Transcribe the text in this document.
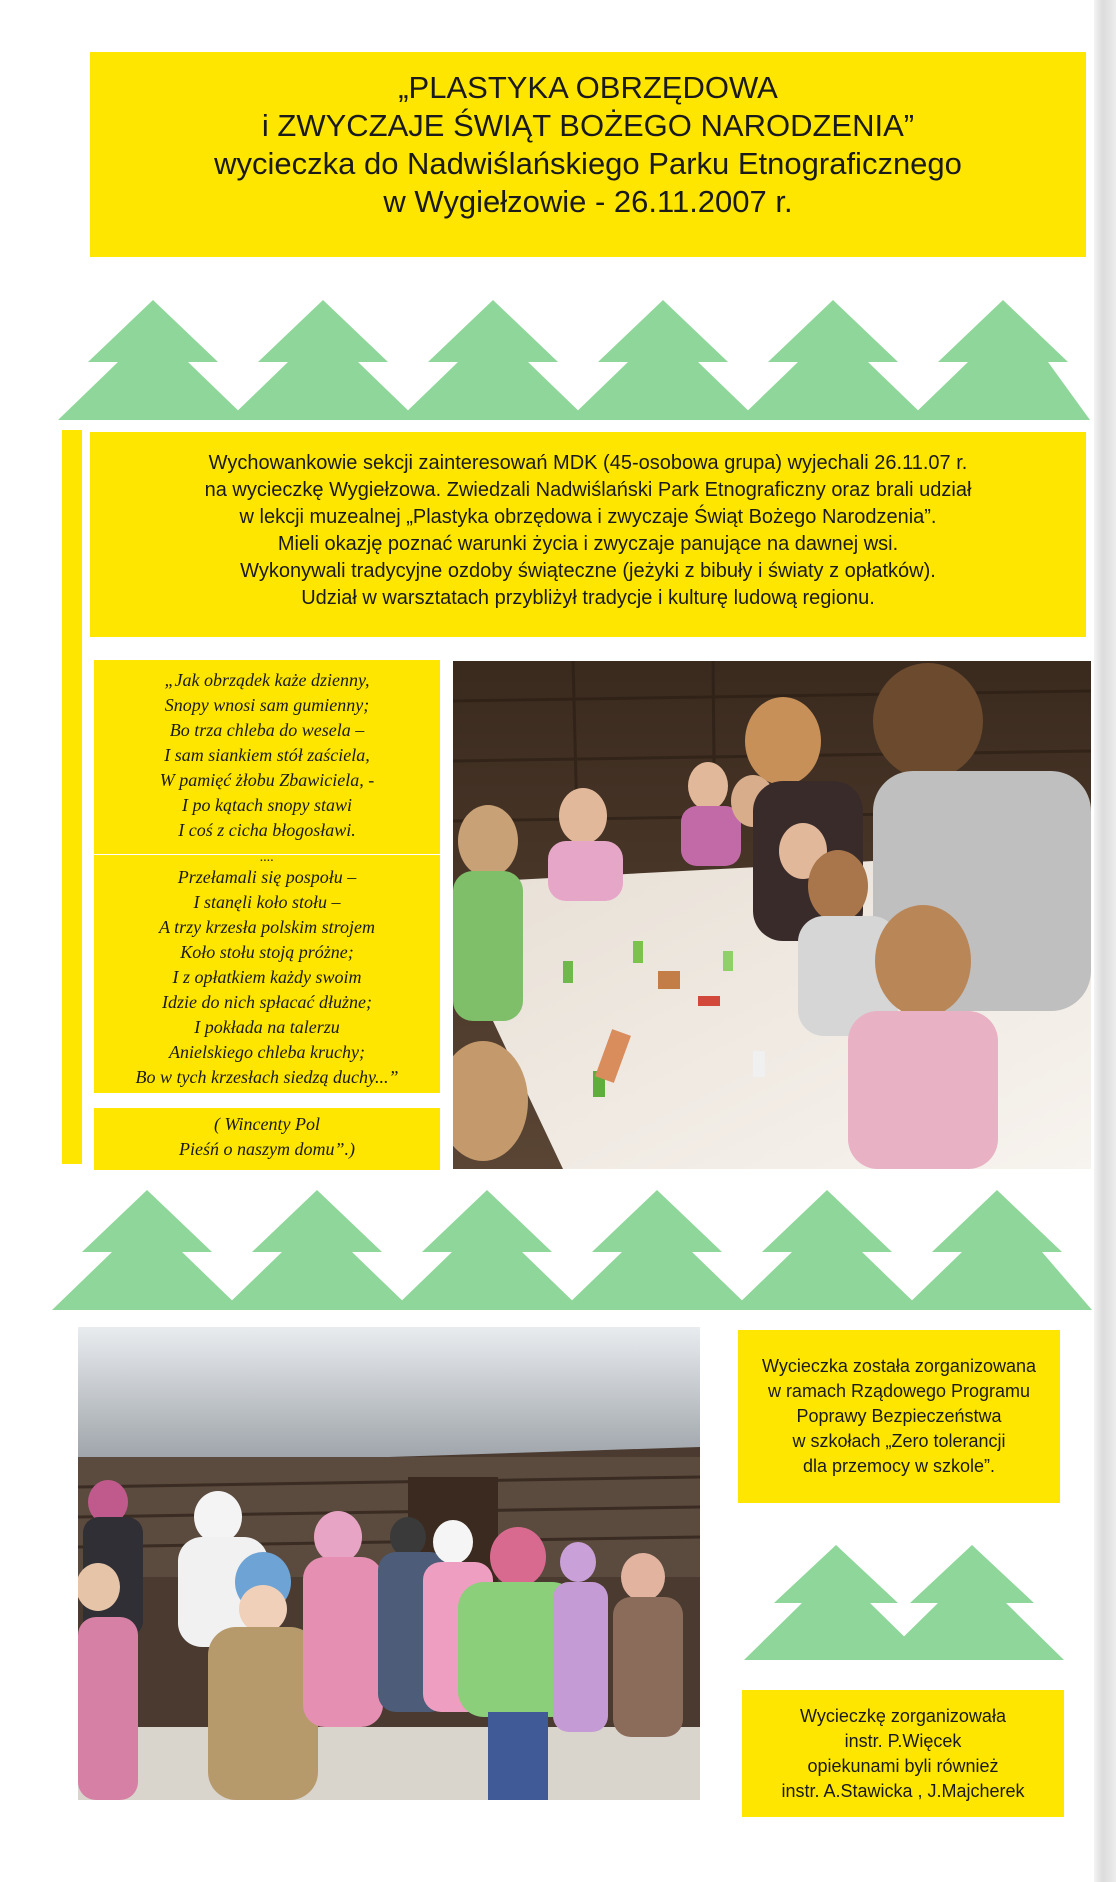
„PLASTYKA OBRZĘDOWA
i ZWYCZAJE ŚWIĄT BOŻEGO NARODZENIA”
wycieczka do Nadwiślańskiego Parku Etnograficznego
w Wygiełzowie - 26.11.2007 r.
Wychowankowie sekcji zainteresowań MDK (45-osobowa grupa) wyjechali 26.11.07 r.
na wycieczkę Wygiełzowa. Zwiedzali Nadwiślański Park Etnograficzny oraz brali udział
w lekcji muzealnej „Plastyka obrzędowa i zwyczaje Świąt Bożego Narodzenia”.
Mieli okazję poznać warunki życia i zwyczaje panujące na dawnej wsi.
Wykonywali tradycyjne ozdoby świąteczne (jeżyki z bibuły i światy z opłatków).
Udział w warsztatach przybliżył tradycje i kulturę ludową regionu.
„Jak obrządek każe dzienny,
Snopy wnosi sam gumienny;
Bo trza chleba do wesela –
I sam siankiem stół zaściela,
W pamięć żłobu Zbawiciela, -
I po kątach snopy stawi
I coś z cicha błogosławi.
....
Przełamali się pospołu –
I stanęli koło stołu –
A trzy krzesła polskim strojem
Koło stołu stoją próżne;
I z opłatkiem każdy swoim
Idzie do nich spłacać dłużne;
I pokłada na talerzu
Anielskiego chleba kruchy;
Bo w tych krzesłach siedzą duchy...”
( Wincenty Pol
Pieśń o naszym domu”.)
Wycieczka została zorganizowana
w ramach Rządowego Programu
Poprawy Bezpieczeństwa
w szkołach „Zero tolerancji
dla przemocy w szkole”.
Wycieczkę zorganizowała
instr. P.Więcek
opiekunami byli również
instr. A.Stawicka , J.Majcherek
